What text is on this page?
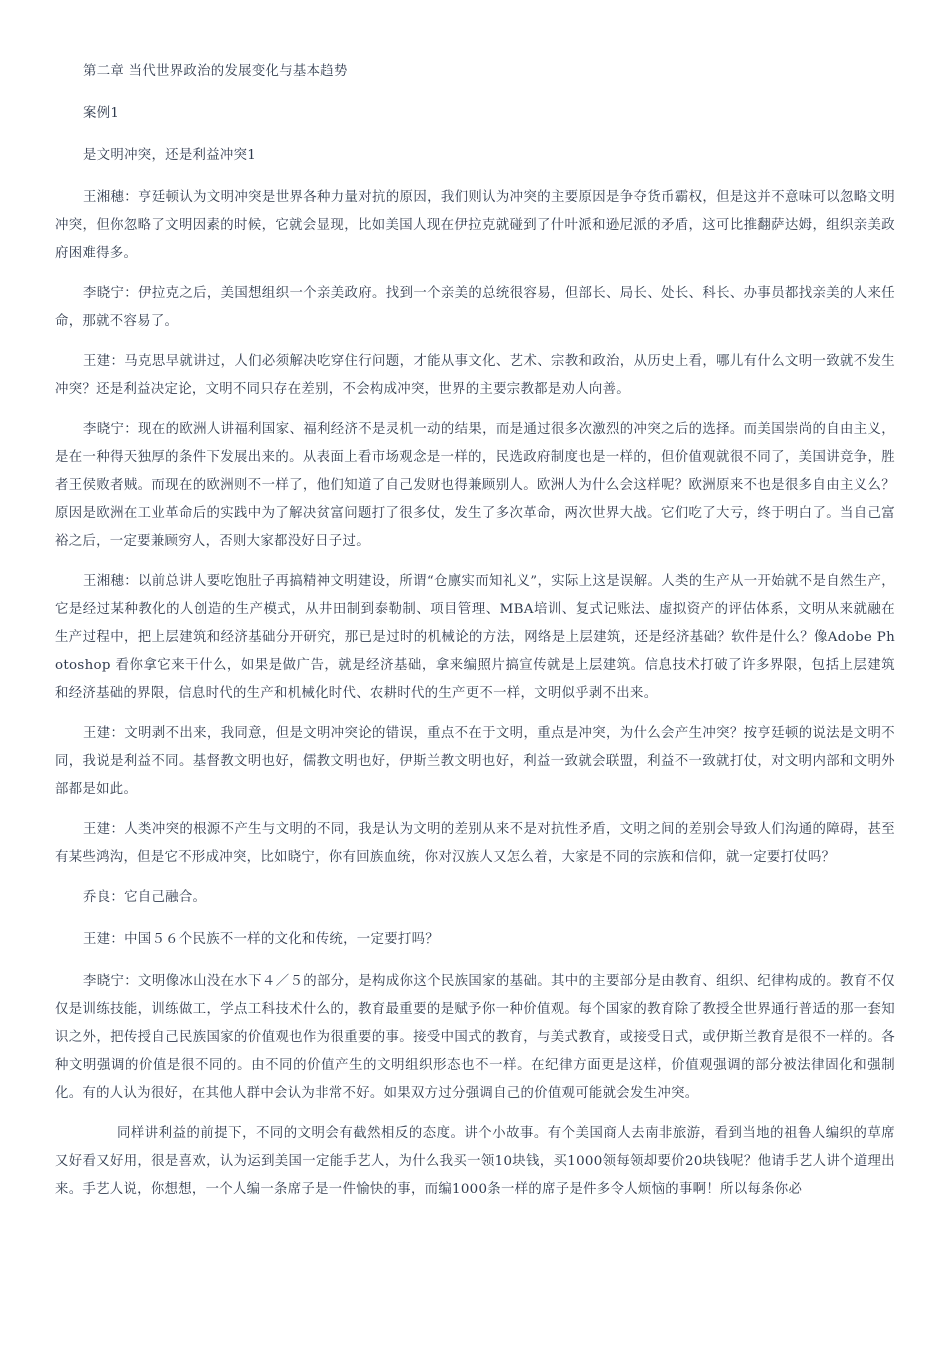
第二章 当代世界政治的发展变化与基本趋势

案例1

是文明冲突，还是利益冲突1

王湘穗：亨廷顿认为文明冲突是世界各种力量对抗的原因，我们则认为冲突的主要原因是争夺货币霸权，但是这并不意味可以忽略文明冲突，但你忽略了文明因素的时候，它就会显现，比如美国人现在伊拉克就碰到了什叶派和逊尼派的矛盾，这可比推翻萨达姆，组织亲美政府困难得多。

李晓宁：伊拉克之后，美国想组织一个亲美政府。找到一个亲美的总统很容易，但部长、局长、处长、科长、办事员都找亲美的人来任命，那就不容易了。

王建：马克思早就讲过，人们必须解决吃穿住行问题，才能从事文化、艺术、宗教和政治，从历史上看，哪儿有什么文明一致就不发生冲突？还是利益决定论，文明不同只存在差别，不会构成冲突，世界的主要宗教都是劝人向善。

李晓宁：现在的欧洲人讲福利国家、福利经济不是灵机一动的结果，而是通过很多次激烈的冲突之后的选择。而美国崇尚的自由主义，是在一种得天独厚的条件下发展出来的。从表面上看市场观念是一样的，民选政府制度也是一样的，但价值观就很不同了，美国讲竞争，胜者王侯败者贼。而现在的欧洲则不一样了，他们知道了自己发财也得兼顾别人。欧洲人为什么会这样呢？欧洲原来不也是很多自由主义么？原因是欧洲在工业革命后的实践中为了解决贫富问题打了很多仗，发生了多次革命，两次世界大战。它们吃了大亏，终于明白了。当自己富裕之后，一定要兼顾穷人，否则大家都没好日子过。

王湘穗：以前总讲人要吃饱肚子再搞精神文明建设，所谓“仓廪实而知礼义”，实际上这是误解。人类的生产从一开始就不是自然生产，它是经过某种教化的人创造的生产模式，从井田制到泰勒制、项目管理、MBA培训、复式记账法、虚拟资产的评估体系，文明从来就融在生产过程中，把上层建筑和经济基础分开研究，那已是过时的机械论的方法，网络是上层建筑，还是经济基础？软件是什么？像Adobe Photoshop 看你拿它来干什么，如果是做广告，就是经济基础，拿来编照片搞宣传就是上层建筑。信息技术打破了许多界限，包括上层建筑和经济基础的界限，信息时代的生产和机械化时代、农耕时代的生产更不一样，文明似乎剥不出来。

王建：文明剥不出来，我同意，但是文明冲突论的错误，重点不在于文明，重点是冲突，为什么会产生冲突？按亨廷顿的说法是文明不同，我说是利益不同。基督教文明也好，儒教文明也好，伊斯兰教文明也好，利益一致就会联盟，利益不一致就打仗，对文明内部和文明外部都是如此。

王建：人类冲突的根源不产生与文明的不同，我是认为文明的差别从来不是对抗性矛盾，文明之间的差别会导致人们沟通的障碍，甚至有某些鸿沟，但是它不形成冲突，比如晓宁，你有回族血统，你对汉族人又怎么着，大家是不同的宗族和信仰，就一定要打仗吗？

乔良：它自己融合。

王建：中国５６个民族不一样的文化和传统，一定要打吗？

李晓宁：文明像冰山没在水下４／５的部分，是构成你这个民族国家的基础。其中的主要部分是由教育、组织、纪律构成的。教育不仅仅是训练技能，训练做工，学点工科技术什么的，教育最重要的是赋予你一种价值观。每个国家的教育除了教授全世界通行普适的那一套知识之外，把传授自己民族国家的价值观也作为很重要的事。接受中国式的教育，与美式教育，或接受日式，或伊斯兰教育是很不一样的。各种文明强调的价值是很不同的。由不同的价值产生的文明组织形态也不一样。在纪律方面更是这样，价值观强调的部分被法律固化和强制化。有的人认为很好，在其他人群中会认为非常不好。如果双方过分强调自己的价值观可能就会发生冲突。

同样讲利益的前提下，不同的文明会有截然相反的态度。讲个小故事。有个美国商人去南非旅游，看到当地的祖鲁人编织的草席又好看又好用，很是喜欢，认为运到美国一定能手艺人，为什么我买一领10块钱，买1000领每领却要价20块钱呢？他请手艺人讲个道理出来。手艺人说，你想想，一个人编一条席子是一件愉快的事，而编1000条一样的席子是件多令人烦恼的事啊！所以每条你必
